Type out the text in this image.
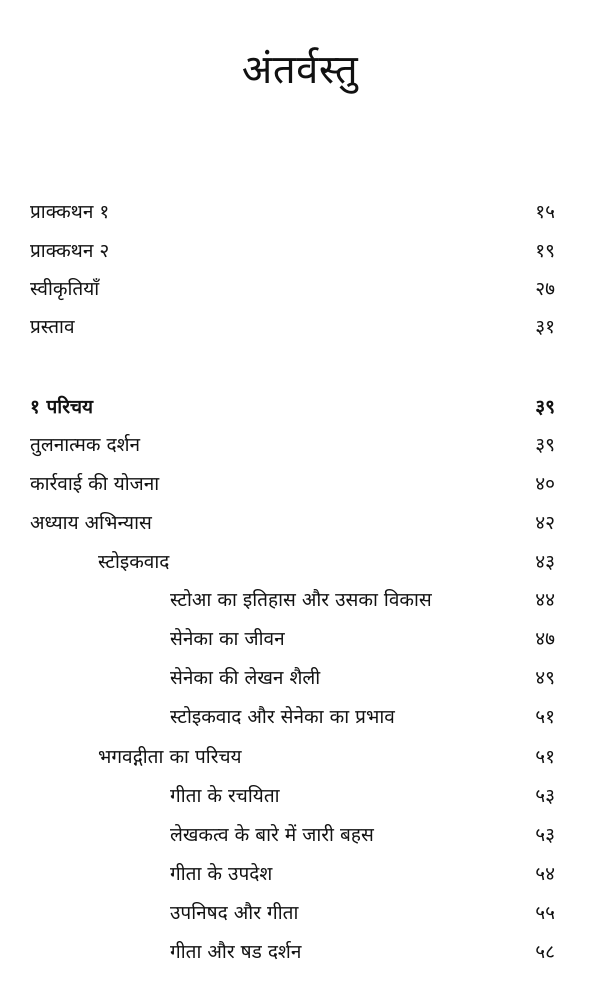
अंतर्वस्तु
प्राक्कथन १	१५
प्राक्कथन २	१९
स्वीकृतियाँ	२७
प्रस्ताव	३१
१ परिचय	३९
तुलनात्मक दर्शन	३९
कार्रवाई की योजना	४०
अध्याय अभिन्यास	४२
स्टोइकवाद	४३
स्टोआ का इतिहास और उसका विकास	४४
सेनेका का जीवन	४७
सेनेका की लेखन शैली	४९
स्टोइकवाद और सेनेका का प्रभाव	५१
भगवद्गीता का परिचय	५१
गीता के रचयिता	५३
लेखकत्व के बारे में जारी बहस	५३
गीता के उपदेश	५४
उपनिषद और गीता	५५
गीता और षड दर्शन	५८
